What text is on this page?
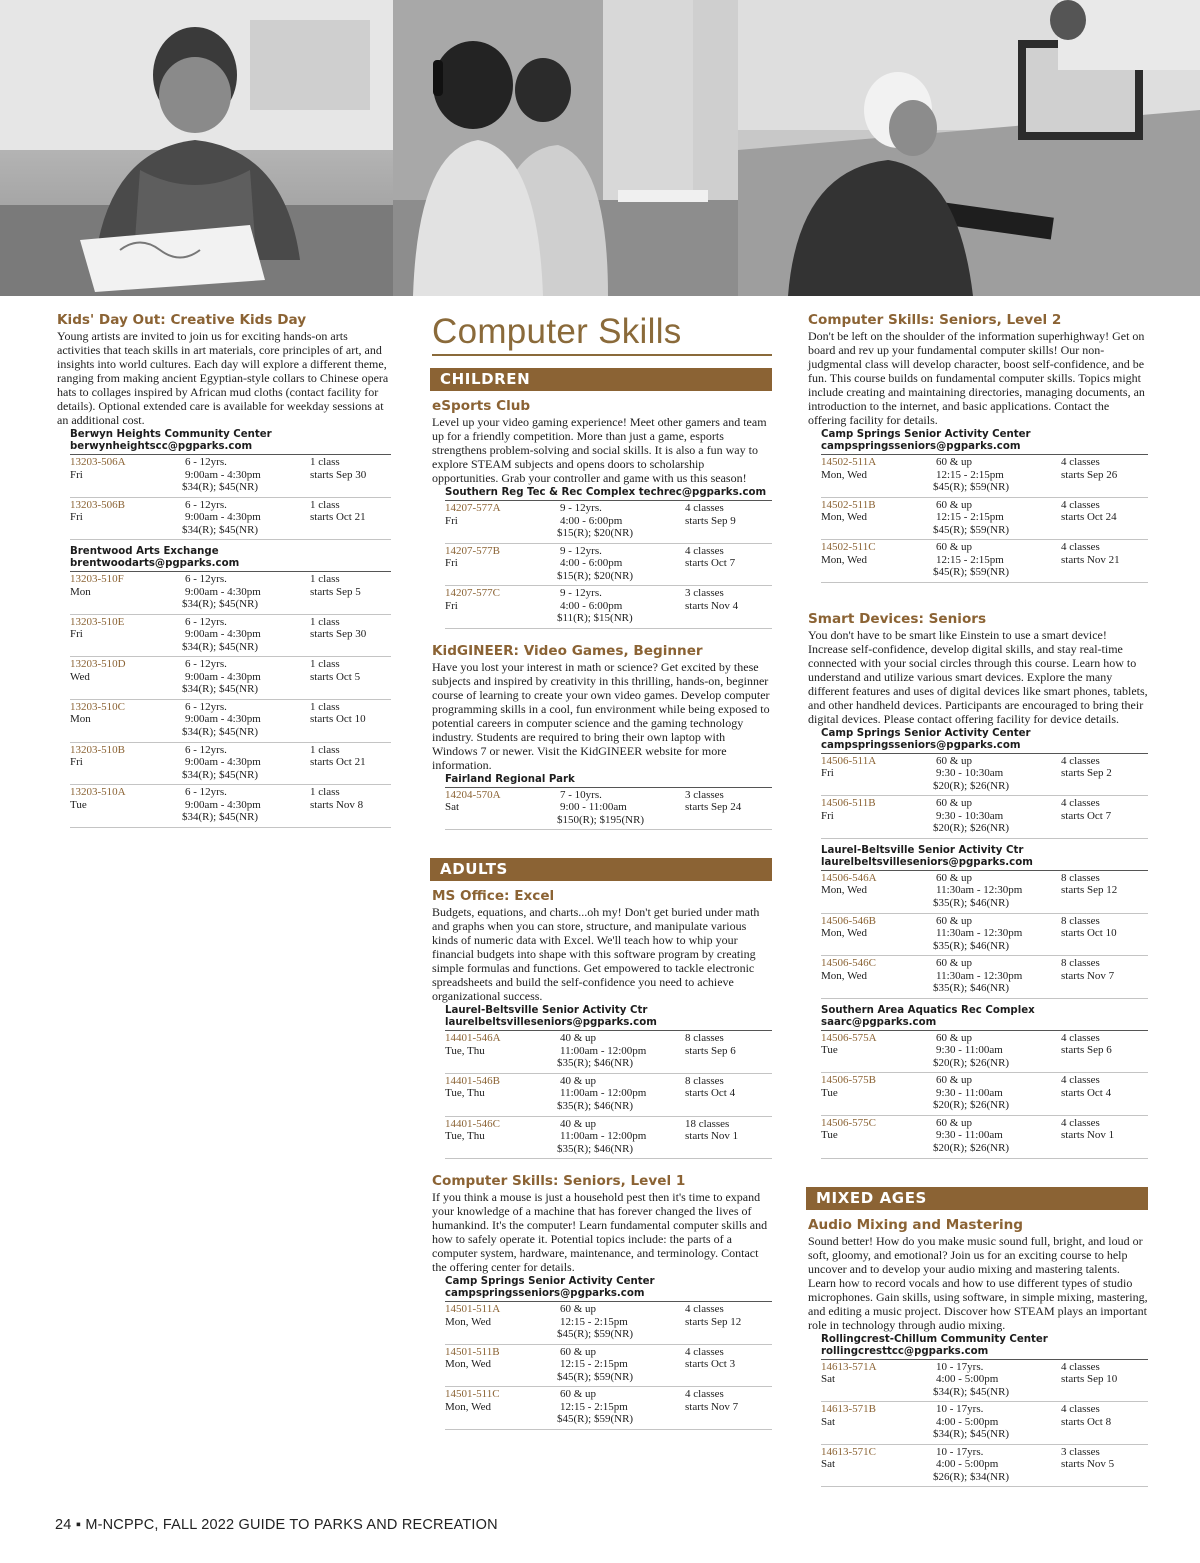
Kids' Day Out: Creative Kids Day
Young artists are invited to join us for exciting hands-on arts activities that teach skills in art materials, core principles of art, and insights into world cultures. Each day will explore a different theme, ranging from making ancient Egyptian-style collars to Chinese opera hats to collages inspired by African mud cloths (contact facility for details). Optional extended care is available for weekday sessions at an additional cost.
Berwyn Heights Community Center
berwynheightscc@pgparks.com
13203-506A
Fri
6 - 12yrs.
9:00am - 4:30pm
$34(R); $45(NR)
1 class
starts Sep 30
13203-506B
Fri
6 - 12yrs.
9:00am - 4:30pm
$34(R); $45(NR)
1 class
starts Oct 21
Brentwood Arts Exchange brentwoodarts@pgparks.com
13203-510F
Mon
6 - 12yrs.
9:00am - 4:30pm
$34(R); $45(NR)
1 class
starts Sep 5
13203-510E
Fri
6 - 12yrs.
9:00am - 4:30pm
$34(R); $45(NR)
1 class
starts Sep 30
13203-510D
Wed
6 - 12yrs.
9:00am - 4:30pm
$34(R); $45(NR)
1 class
starts Oct 5
13203-510C
Mon
6 - 12yrs.
9:00am - 4:30pm
$34(R); $45(NR)
1 class
starts Oct 10
13203-510B
Fri
6 - 12yrs.
9:00am - 4:30pm
$34(R); $45(NR)
1 class
starts Oct 21
13203-510A
Tue
6 - 12yrs.
9:00am - 4:30pm
$34(R); $45(NR)
1 class
starts Nov 8
Computer Skills
CHILDREN
eSports Club
Level up your video gaming experience! Meet other gamers and team up for a friendly competition. More than just a game, esports strengthens problem-solving and social skills. It is also a fun way to explore STEAM subjects and opens doors to scholarship opportunities. Grab your controller and game with us this season!
Southern Reg Tec & Rec Complex techrec@pgparks.com
14207-577A
Fri
9 - 12yrs.
4:00 - 6:00pm
$15(R); $20(NR)
4 classes
starts Sep 9
14207-577B
Fri
9 - 12yrs.
4:00 - 6:00pm
$15(R); $20(NR)
4 classes
starts Oct 7
14207-577C
Fri
9 - 12yrs.
4:00 - 6:00pm
$11(R); $15(NR)
3 classes
starts Nov 4
KidGINEER: Video Games, Beginner
Have you lost your interest in math or science? Get excited by these subjects and inspired by creativity in this thrilling, hands-on, beginner course of learning to create your own video games. Develop computer programming skills in a cool, fun environment while being exposed to potential careers in computer science and the gaming technology industry. Students are required to bring their own laptop with Windows 7 or newer. Visit the KidGINEER website for more information.
Fairland Regional Park
14204-570A
Sat
7 - 10yrs.
9:00 - 11:00am
$150(R); $195(NR)
3 classes
starts Sep 24
ADULTS
MS Office: Excel
Budgets, equations, and charts...oh my! Don't get buried under math and graphs when you can store, structure, and manipulate various kinds of numeric data with Excel. We'll teach how to whip your financial budgets into shape with this software program by creating simple formulas and functions. Get empowered to tackle electronic spreadsheets and build the self-confidence you need to achieve organizational success.
Laurel-Beltsville Senior Activity Ctr
laurelbeltsvilleseniors@pgparks.com
14401-546A
Tue, Thu
40 & up
11:00am - 12:00pm
$35(R); $46(NR)
8 classes
starts Sep 6
14401-546B
Tue, Thu
40 & up
11:00am - 12:00pm
$35(R); $46(NR)
8 classes
starts Oct 4
14401-546C
Tue, Thu
40 & up
11:00am - 12:00pm
$35(R); $46(NR)
18 classes
starts Nov 1
Computer Skills: Seniors, Level 1
If you think a mouse is just a household pest then it's time to expand your knowledge of a machine that has forever changed the lives of humankind. It's the computer! Learn fundamental computer skills and how to safely operate it. Potential topics include: the parts of a computer system, hardware, maintenance, and terminology. Contact the offering center for details.
Camp Springs Senior Activity Center
campspringsseniors@pgparks.com
14501-511A
Mon, Wed
60 & up
12:15 - 2:15pm
$45(R); $59(NR)
4 classes
starts Sep 12
14501-511B
Mon, Wed
60 & up
12:15 - 2:15pm
$45(R); $59(NR)
4 classes
starts Oct 3
14501-511C
Mon, Wed
60 & up
12:15 - 2:15pm
$45(R); $59(NR)
4 classes
starts Nov 7
Computer Skills: Seniors, Level 2
Don't be left on the shoulder of the information superhighway! Get on board and rev up your fundamental computer skills! Our non-judgmental class will develop character, boost self-confidence, and be fun. This course builds on fundamental computer skills. Topics might include creating and maintaining directories, managing documents, an introduction to the internet, and basic applications. Contact the offering facility for details.
Camp Springs Senior Activity Center
campspringsseniors@pgparks.com
14502-511A
Mon, Wed
60 & up
12:15 - 2:15pm
$45(R); $59(NR)
4 classes
starts Sep 26
14502-511B
Mon, Wed
60 & up
12:15 - 2:15pm
$45(R); $59(NR)
4 classes
starts Oct 24
14502-511C
Mon, Wed
60 & up
12:15 - 2:15pm
$45(R); $59(NR)
4 classes
starts Nov 21
Smart Devices: Seniors
You don't have to be smart like Einstein to use a smart device! Increase self-confidence, develop digital skills, and stay real-time connected with your social circles through this course. Learn how to understand and utilize various smart devices. Explore the many different features and uses of digital devices like smart phones, tablets, and other handheld devices. Participants are encouraged to bring their digital devices. Please contact offering facility for device details.
Camp Springs Senior Activity Center
campspringsseniors@pgparks.com
14506-511A
Fri
60 & up
9:30 - 10:30am
$20(R); $26(NR)
4 classes
starts Sep 2
14506-511B
Fri
60 & up
9:30 - 10:30am
$20(R); $26(NR)
4 classes
starts Oct 7
Laurel-Beltsville Senior Activity Ctr
laurelbeltsvilleseniors@pgparks.com
14506-546A
Mon, Wed
60 & up
11:30am - 12:30pm
$35(R); $46(NR)
8 classes
starts Sep 12
14506-546B
Mon, Wed
60 & up
11:30am - 12:30pm
$35(R); $46(NR)
8 classes
starts Oct 10
14506-546C
Mon, Wed
60 & up
11:30am - 12:30pm
$35(R); $46(NR)
8 classes
starts Nov 7
Southern Area Aquatics Rec Complex
saarc@pgparks.com
14506-575A
Tue
60 & up
9:30 - 11:00am
$20(R); $26(NR)
4 classes
starts Sep 6
14506-575B
Tue
60 & up
9:30 - 11:00am
$20(R); $26(NR)
4 classes
starts Oct 4
14506-575C
Tue
60 & up
9:30 - 11:00am
$20(R); $26(NR)
4 classes
starts Nov 1
MIXED AGES
Audio Mixing and Mastering
Sound better! How do you make music sound full, bright, and loud or soft, gloomy, and emotional? Join us for an exciting course to help uncover and to develop your audio mixing and mastering talents. Learn how to record vocals and how to use different types of studio microphones. Gain skills, using software, in simple mixing, mastering, and editing a music project. Discover how STEAM plays an important role in technology through audio mixing.
Rollingcrest-Chillum Community Center
rollingcresttcc@pgparks.com
14613-571A
Sat
10 - 17yrs.
4:00 - 5:00pm
$34(R); $45(NR)
4 classes
starts Sep 10
14613-571B
Sat
10 - 17yrs.
4:00 - 5:00pm
$34(R); $45(NR)
4 classes
starts Oct 8
14613-571C
Sat
10 - 17yrs.
4:00 - 5:00pm
$26(R); $34(NR)
3 classes
starts Nov 5
24 ▪ M-NCPPC, FALL 2022 GUIDE TO PARKS AND RECREATION
